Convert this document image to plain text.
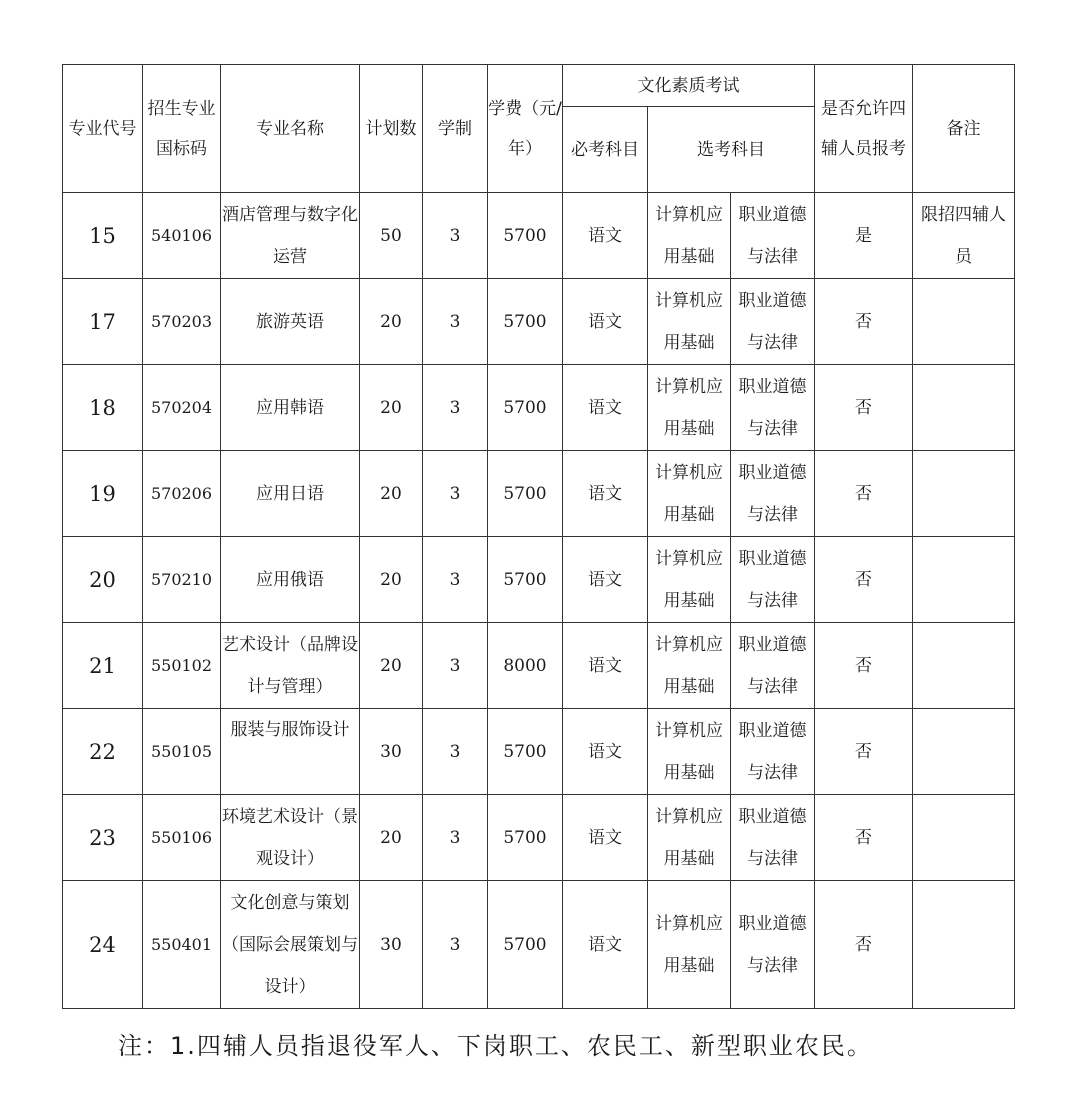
专业代号	招生专业国标码	专业名称	计划数	学制	学费（元/年）	文化素质考试			是否允许四辅人员报考	备注
						必考科目	选考科目			
15	540106	酒店管理与数字化运营	50	3	5700	语文	计算机应用基础	职业道德与法律	是	限招四辅人员
17	570203	旅游英语	20	3	5700	语文	计算机应用基础	职业道德与法律	否	
18	570204	应用韩语	20	3	5700	语文	计算机应用基础	职业道德与法律	否	
19	570206	应用日语	20	3	5700	语文	计算机应用基础	职业道德与法律	否	
20	570210	应用俄语	20	3	5700	语文	计算机应用基础	职业道德与法律	否	
21	550102	艺术设计（品牌设计与管理）	20	3	8000	语文	计算机应用基础	职业道德与法律	否	
22	550105	服装与服饰设计	30	3	5700	语文	计算机应用基础	职业道德与法律	否	
23	550106	环境艺术设计（景观设计）	20	3	5700	语文	计算机应用基础	职业道德与法律	否	
24	550401	文化创意与策划（国际会展策划与设计）	30	3	5700	语文	计算机应用基础	职业道德与法律	否	
注：1.四辅人员指退役军人、下岗职工、农民工、新型职业农民。
